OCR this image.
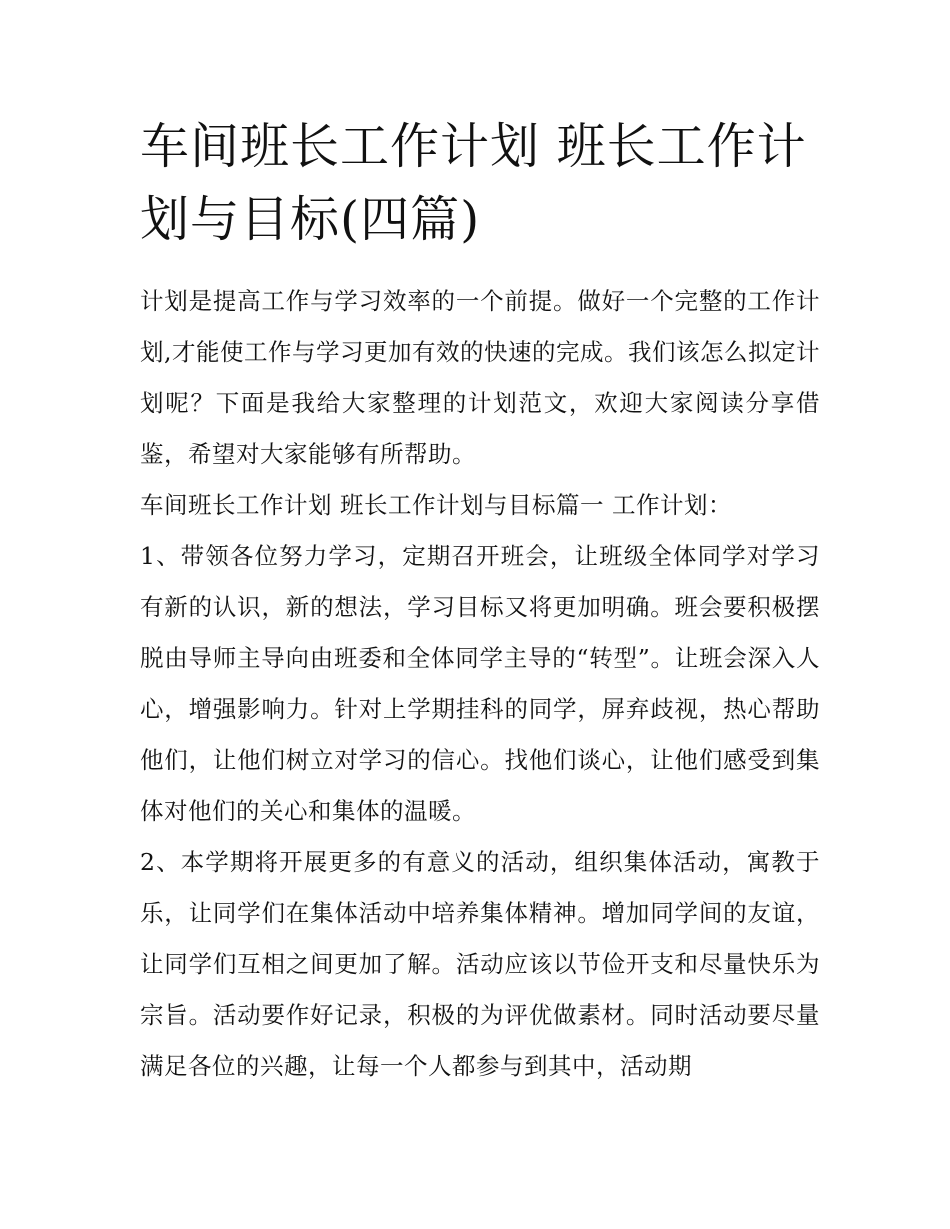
车间班长工作计划 班长工作计划与目标(四篇)

计划是提高工作与学习效率的一个前提。做好一个完整的工作计划,才能使工作与学习更加有效的快速的完成。我们该怎么拟定计划呢？下面是我给大家整理的计划范文，欢迎大家阅读分享借鉴，希望对大家能够有所帮助。

车间班长工作计划 班长工作计划与目标篇一 工作计划：

1、带领各位努力学习，定期召开班会，让班级全体同学对学习有新的认识，新的想法，学习目标又将更加明确。班会要积极摆脱由导师主导向由班委和全体同学主导的“转型”。让班会深入人心，增强影响力。针对上学期挂科的同学，屏弃歧视，热心帮助他们，让他们树立对学习的信心。找他们谈心，让他们感受到集体对他们的关心和集体的温暖。

2、本学期将开展更多的有意义的活动，组织集体活动，寓教于乐，让同学们在集体活动中培养集体精神。增加同学间的友谊，让同学们互相之间更加了解。活动应该以节俭开支和尽量快乐为宗旨。活动要作好记录，积极的为评优做素材。同时活动要尽量满足各位的兴趣，让每一个人都参与到其中，活动期
